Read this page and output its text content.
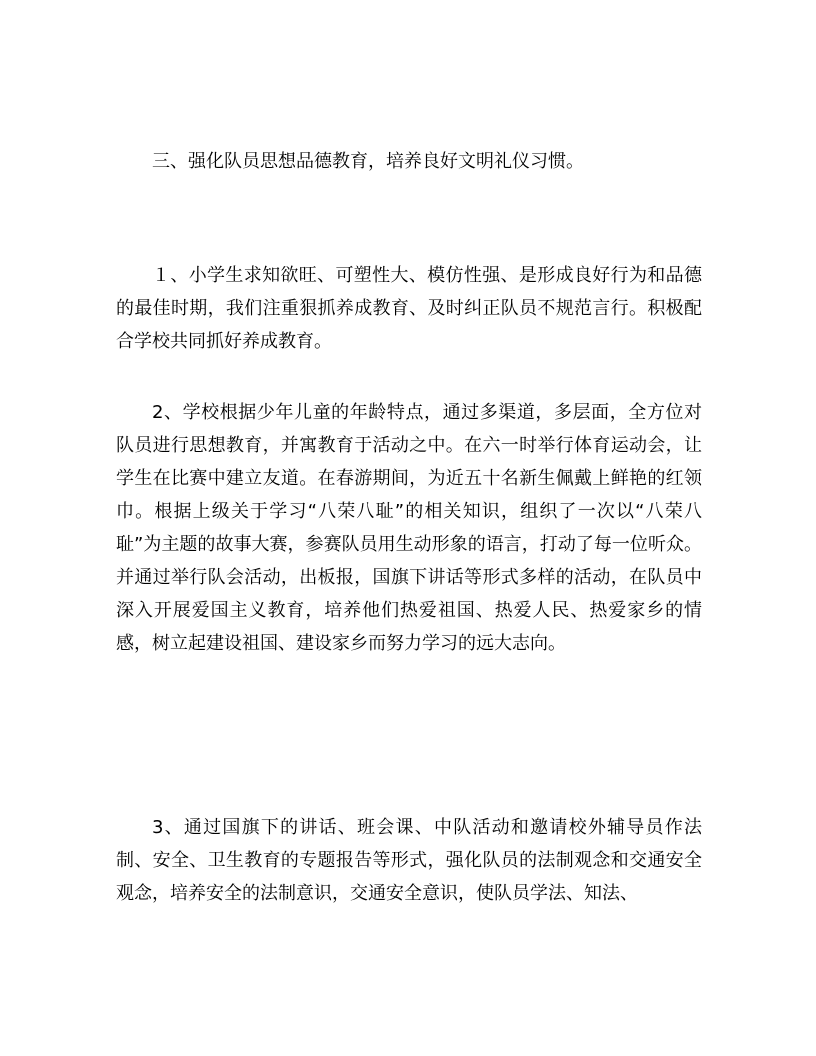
三、强化队员思想品德教育，培养良好文明礼仪习惯。

１、小学生求知欲旺、可塑性大、模仿性强、是形成良好行为和品德的最佳时期，我们注重狠抓养成教育、及时纠正队员不规范言行。积极配合学校共同抓好养成教育。

2、学校根据少年儿童的年龄特点，通过多渠道，多层面，全方位对队员进行思想教育，并寓教育于活动之中。在六一时举行体育运动会，让学生在比赛中建立友道。在春游期间，为近五十名新生佩戴上鲜艳的红领巾。根据上级关于学习“八荣八耻”的相关知识，组织了一次以“八荣八耻”为主题的故事大赛，参赛队员用生动形象的语言，打动了每一位听众。并通过举行队会活动，出板报，国旗下讲话等形式多样的活动，在队员中深入开展爱国主义教育，培养他们热爱祖国、热爱人民、热爱家乡的情感，树立起建设祖国、建设家乡而努力学习的远大志向。

3、通过国旗下的讲话、班会课、中队活动和邀请校外辅导员作法制、安全、卫生教育的专题报告等形式，强化队员的法制观念和交通安全观念，培养安全的法制意识，交通安全意识，使队员学法、知法、
